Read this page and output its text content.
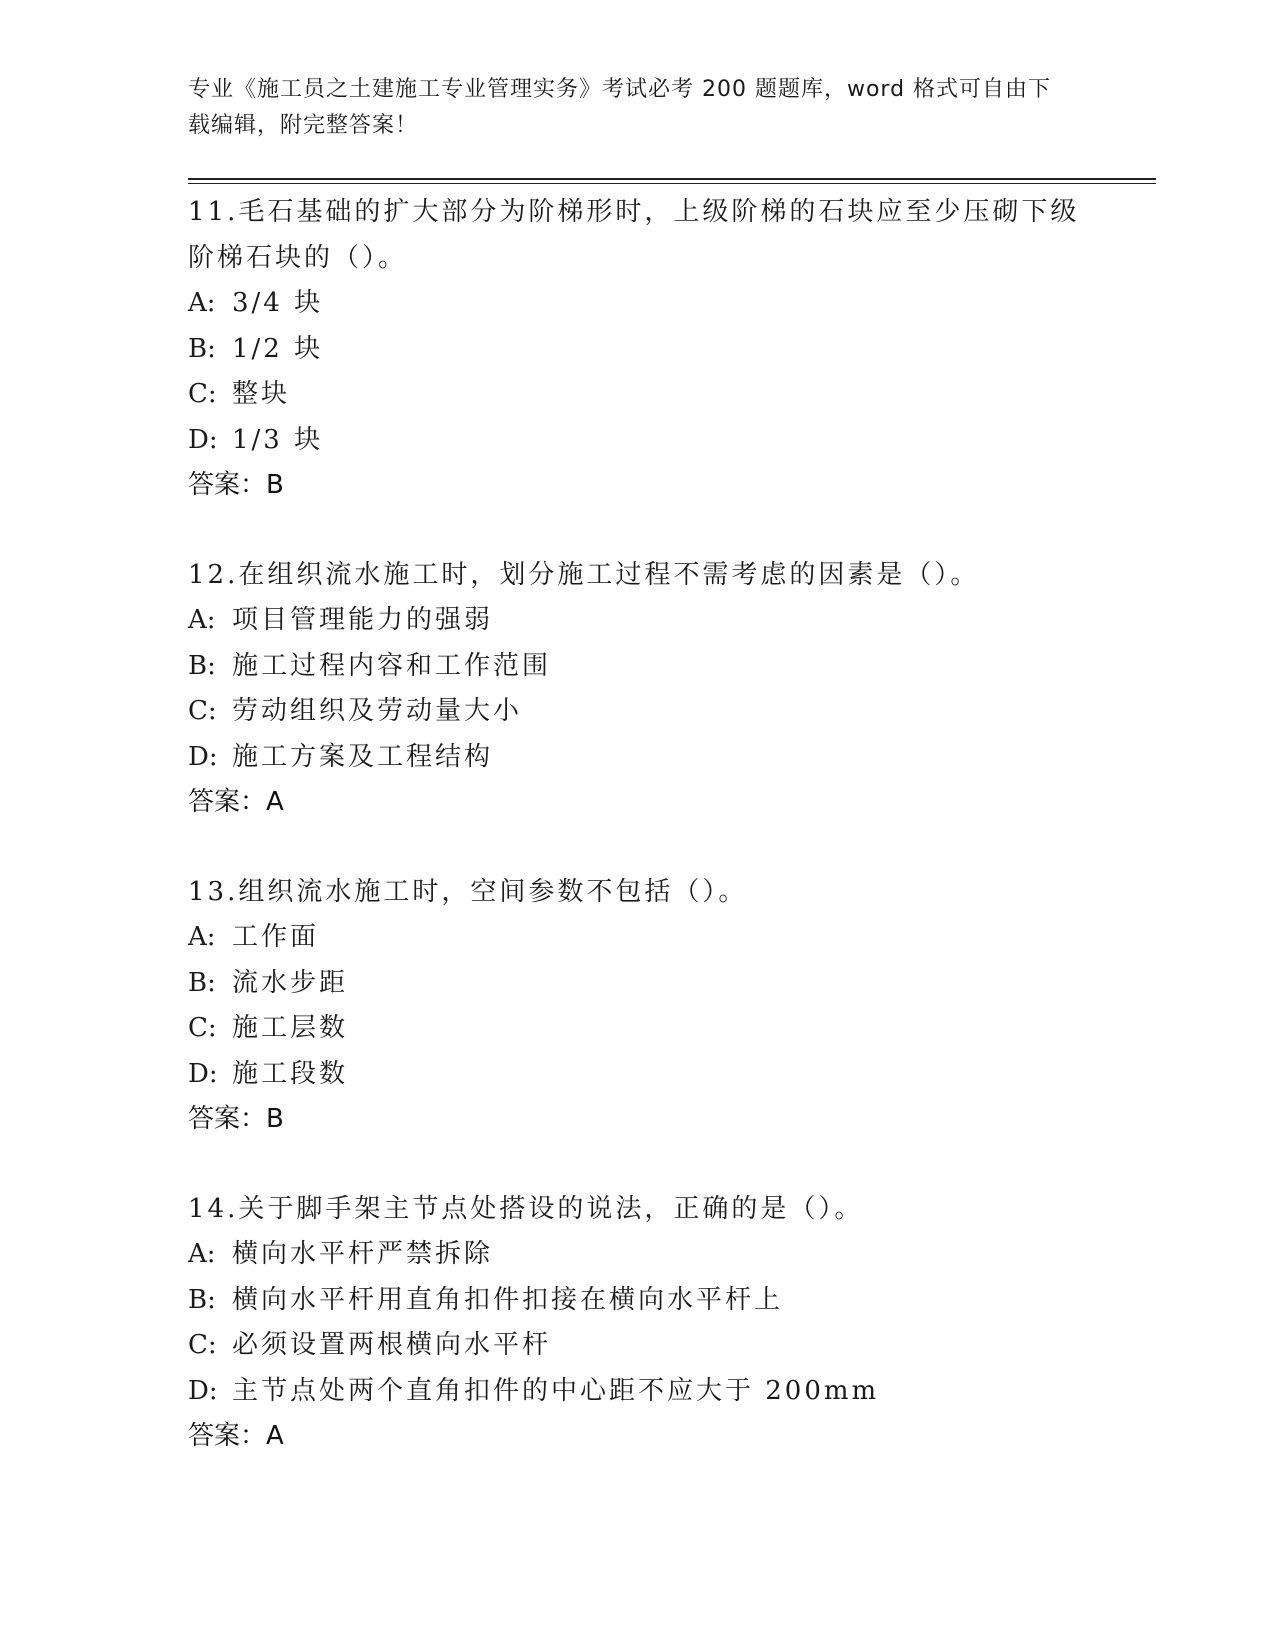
专业《施工员之土建施工专业管理实务》考试必考 200 题题库，word 格式可自由下载编辑，附完整答案！
11.毛石基础的扩大部分为阶梯形时，上级阶梯的石块应至少压砌下级阶梯石块的（）。
A: 3/4 块
B: 1/2 块
C: 整块
D: 1/3 块
答案：B
12.在组织流水施工时，划分施工过程不需考虑的因素是（）。
A: 项目管理能力的强弱
B: 施工过程内容和工作范围
C: 劳动组织及劳动量大小
D: 施工方案及工程结构
答案：A
13.组织流水施工时，空间参数不包括（）。
A: 工作面
B: 流水步距
C: 施工层数
D: 施工段数
答案：B
14.关于脚手架主节点处搭设的说法，正确的是（）。
A: 横向水平杆严禁拆除
B: 横向水平杆用直角扣件扣接在横向水平杆上
C: 必须设置两根横向水平杆
D: 主节点处两个直角扣件的中心距不应大于 200mm
答案：A
